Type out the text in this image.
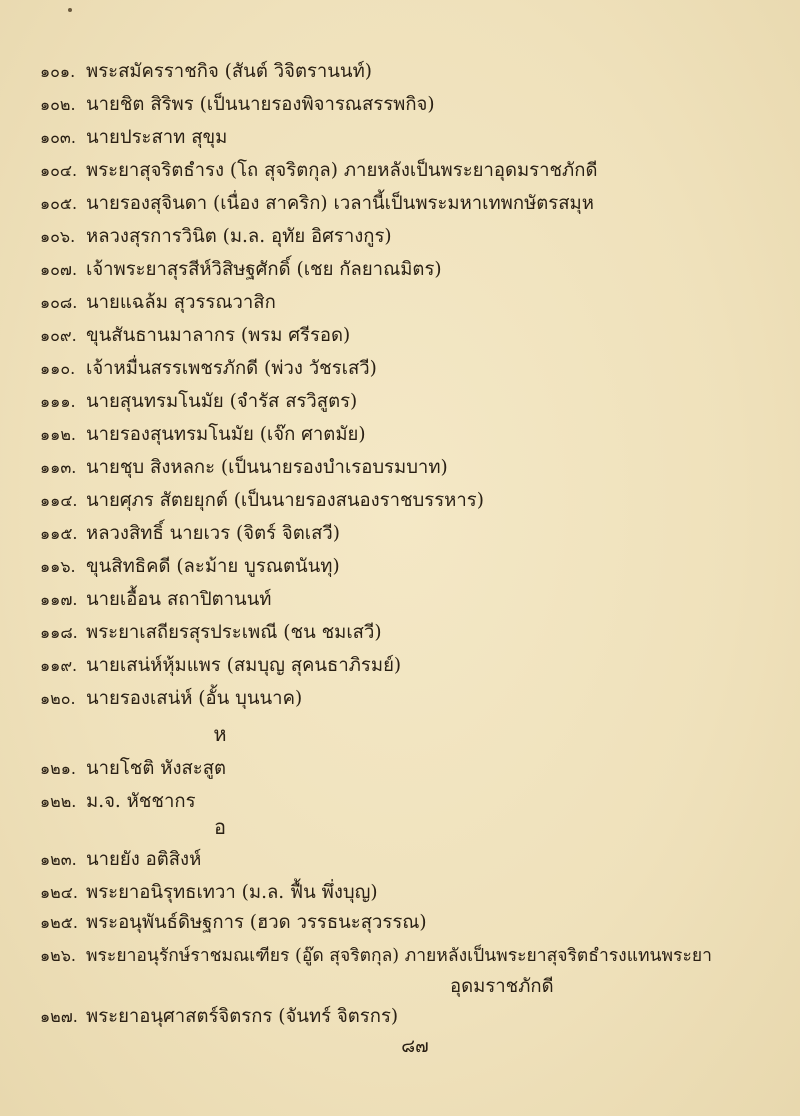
๑๐๑. พระสมัครราชกิจ (สันต์ วิจิตรานนท์)
๑๐๒. นายชิต สิริพร (เป็นนายรองพิจารณสรรพกิจ)
๑๐๓. นายประสาท สุขุม
๑๐๔. พระยาสุจริตธำรง (โถ สุจริตกุล) ภายหลังเป็นพระยาอุดมราชภักดี
๑๐๕. นายรองสุจินดา (เนื่อง สาคริก) เวลานี้เป็นพระมหาเทพกษัตรสมุห
๑๐๖. หลวงสุรการวินิต (ม.ล. อุทัย อิศรางกูร)
๑๐๗. เจ้าพระยาสุรสีห์วิสิษฐศักดิ์ (เชย กัลยาณมิตร)
๑๐๘. นายแฉล้ม สุวรรณวาสิก
๑๐๙. ขุนสันธานมาลากร (พรม ศรีรอด)
๑๑๐. เจ้าหมื่นสรรเพชรภักดี (พ่วง วัชรเสวี)
๑๑๑. นายสุนทรมโนมัย (จำรัส สรวิสูตร)
๑๑๒. นายรองสุนทรมโนมัย (เจ๊ก ศาตมัย)
๑๑๓. นายชุบ สิงหลกะ (เป็นนายรองบำเรอบรมบาท)
๑๑๔. นายศุภร สัตยยุกต์ (เป็นนายรองสนองราชบรรหาร)
๑๑๕. หลวงสิทธิ์ นายเวร (จิตร์ จิตเสวี)
๑๑๖. ขุนสิทธิคดี (ละม้าย บูรณตนันทุ)
๑๑๗. นายเอื้อน สถาปิตานนท์
๑๑๘. พระยาเสถียรสุรประเพณี (ชน ชมเสวี)
๑๑๙. นายเสน่ห์หุ้มแพร (สมบุญ สุคนธาภิรมย์)
๑๒๐. นายรองเสน่ห์ (อั้น บุนนาค)
ห
๑๒๑. นายโชติ หังสะสูต
๑๒๒. ม.จ. หัชชากร
อ
๑๒๓. นายยัง อติสิงห์
๑๒๔. พระยาอนิรุทธเทวา (ม.ล. ฟื้น พึ่งบุญ)
๑๒๕. พระอนุพันธ์ดิษฐการ (ฮวด วรรธนะสุวรรณ)
๑๒๖. พระยาอนุรักษ์ราชมณเฑียร (อู๊ด สุจริตกุล) ภายหลังเป็นพระยาสุจริตธำรงแทนพระยา
อุดมราชภักดี
๑๒๗. พระยาอนุศาสตร์จิตรกร (จันทร์ จิตรกร)
๘๗
